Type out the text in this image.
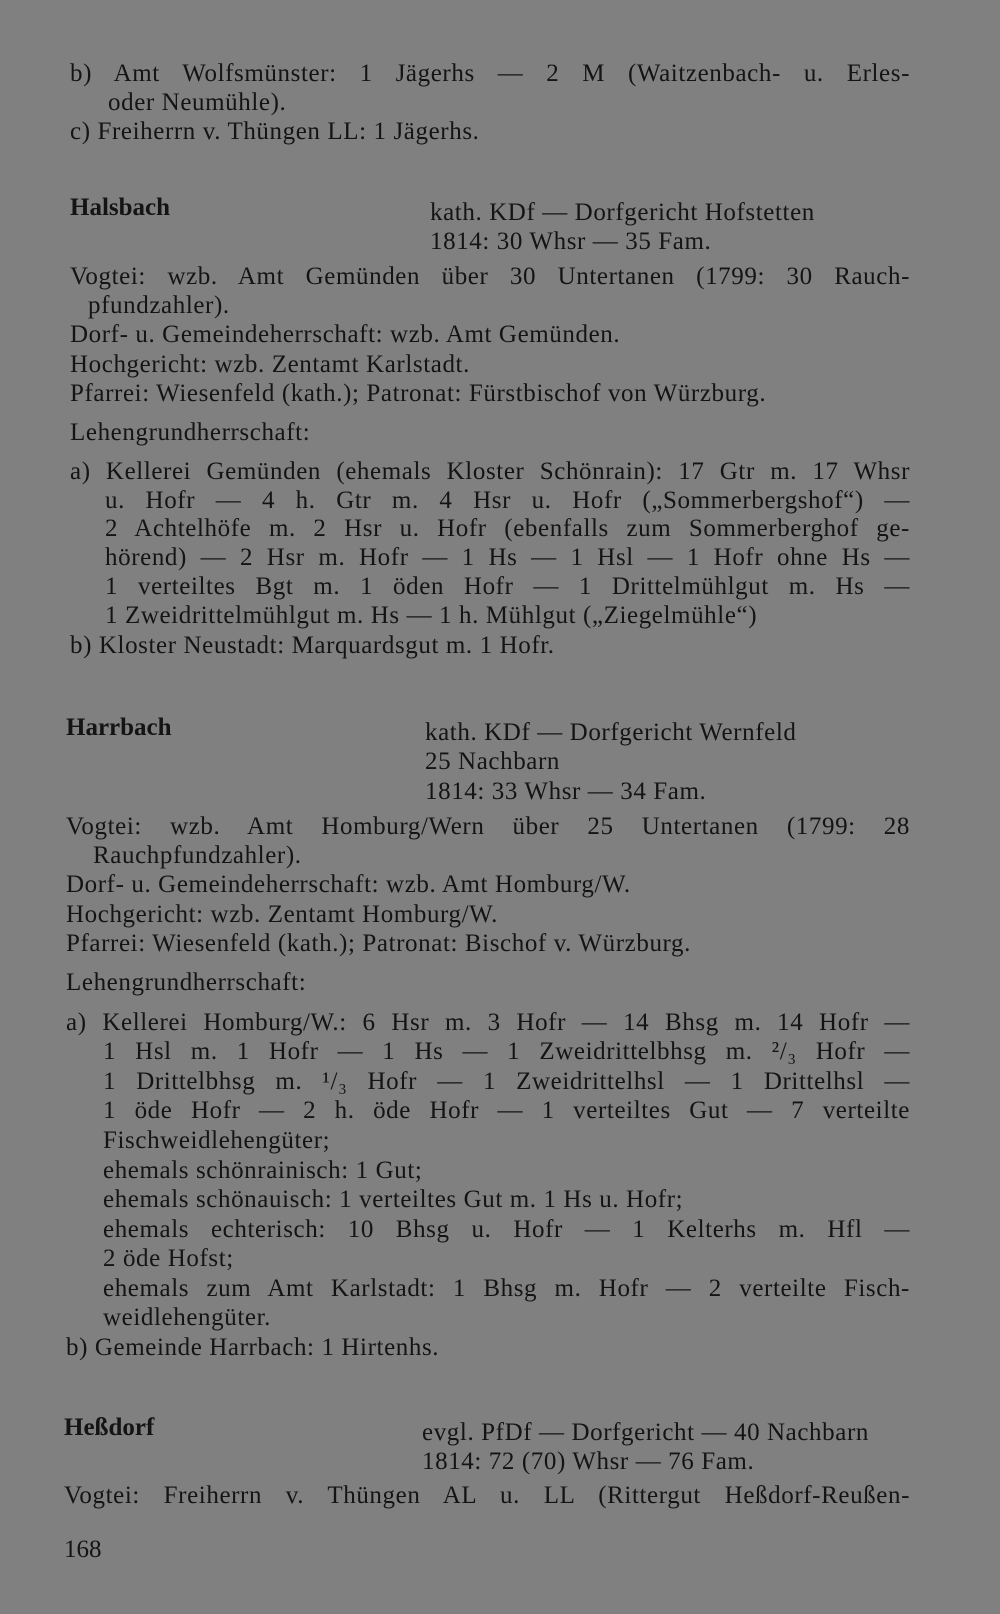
b) Amt Wolfsmünster: 1 Jägerhs — 2 M (Waitzenbach- u. Erles-
oder Neumühle).
c) Freiherrn v. Thüngen LL: 1 Jägerhs.
Halsbach	kath. KDf — Dorfgericht Hofstetten
1814: 30 Whsr — 35 Fam.
Vogtei: wzb. Amt Gemünden über 30 Untertanen (1799: 30 Rauch-
pfundzahler).
Dorf- u. Gemeindeherrschaft: wzb. Amt Gemünden.
Hochgericht: wzb. Zentamt Karlstadt.
Pfarrei: Wiesenfeld (kath.); Patronat: Fürstbischof von Würzburg.
Lehengrundherrschaft:
a) Kellerei Gemünden (ehemals Kloster Schönrain): 17 Gtr m. 17 Whsr
u. Hofr — 4 h. Gtr m. 4 Hsr u. Hofr („Sommerbergshof“) —
2 Achtelhöfe m. 2 Hsr u. Hofr (ebenfalls zum Sommerberghof ge-
hörend) — 2 Hsr m. Hofr — 1 Hs — 1 Hsl — 1 Hofr ohne Hs —
1 verteiltes Bgt m. 1 öden Hofr — 1 Drittelmühlgut m. Hs —
1 Zweidrittelmühlgut m. Hs — 1 h. Mühlgut („Ziegelmühle“)
b) Kloster Neustadt: Marquardsgut m. 1 Hofr.
Harrbach	kath. KDf — Dorfgericht Wernfeld
25 Nachbarn
1814: 33 Whsr — 34 Fam.
Vogtei: wzb. Amt Homburg/Wern über 25 Untertanen (1799: 28
Rauchpfundzahler).
Dorf- u. Gemeindeherrschaft: wzb. Amt Homburg/W.
Hochgericht: wzb. Zentamt Homburg/W.
Pfarrei: Wiesenfeld (kath.); Patronat: Bischof v. Würzburg.
Lehengrundherrschaft:
a) Kellerei Homburg/W.: 6 Hsr m. 3 Hofr — 14 Bhsg m. 14 Hofr —
1 Hsl m. 1 Hofr — 1 Hs — 1 Zweidrittelbhsg m. ²/₃ Hofr —
1 Drittelbhsg m. ¹/₃ Hofr — 1 Zweidrittelhsl — 1 Drittelhsl —
1 öde Hofr — 2 h. öde Hofr — 1 verteiltes Gut — 7 verteilte
Fischweidlehengüter;
ehemals schönrainisch: 1 Gut;
ehemals schönauisch: 1 verteiltes Gut m. 1 Hs u. Hofr;
ehemals echterisch: 10 Bhsg u. Hofr — 1 Kelterhs m. Hfl —
2 öde Hofst;
ehemals zum Amt Karlstadt: 1 Bhsg m. Hofr — 2 verteilte Fisch-
weidlehengüter.
b) Gemeinde Harrbach: 1 Hirtenhs.
Heßdorf	evgl. PfDf — Dorfgericht — 40 Nachbarn
1814: 72 (70) Whsr — 76 Fam.
Vogtei: Freiherrn v. Thüngen AL u. LL (Rittergut Heßdorf-Reußen-
168
